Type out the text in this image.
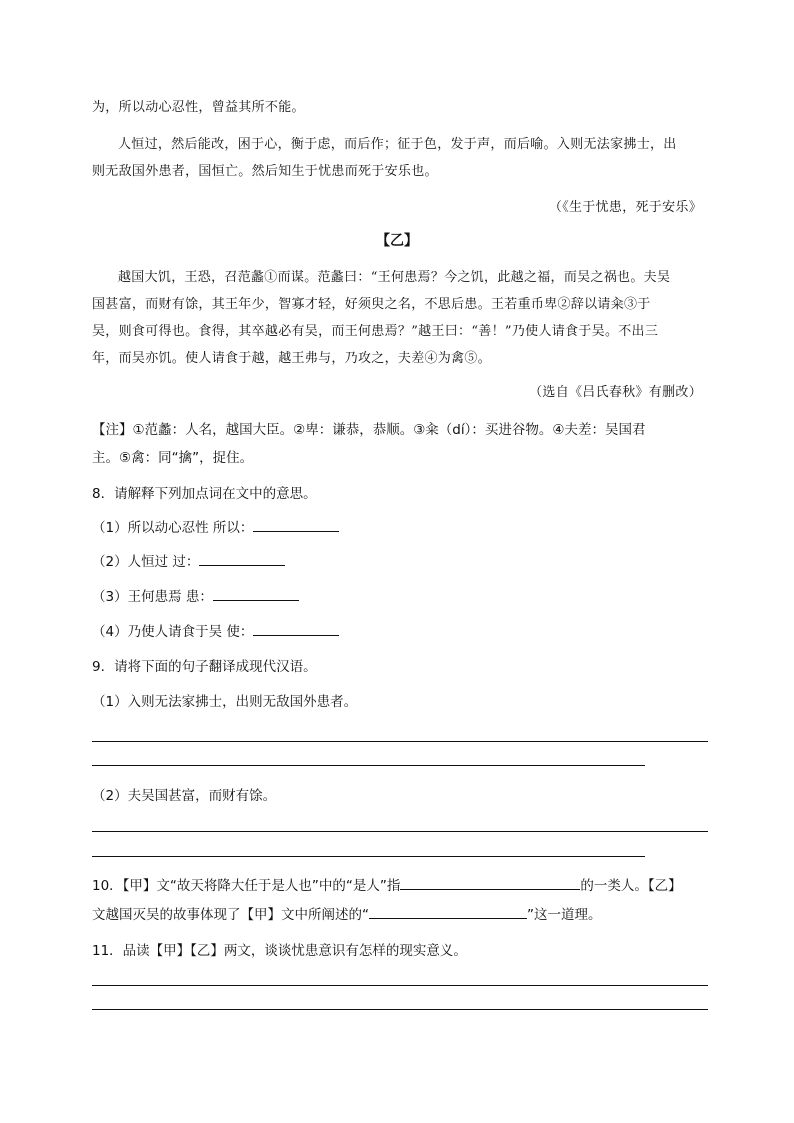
为，所以动心忍性，曾益其所不能。
人恒过，然后能改，困于心，衡于虑，而后作；征于色，发于声，而后喻。入则无法家拂士，出
则无敌国外患者，国恒亡。然后知生于忧患而死于安乐也。
（《生于忧患，死于安乐》
【乙】
越国大饥，王恐，召范蠡①而谋。范蠡曰：“王何患焉？今之饥，此越之福，而吴之祸也。夫吴
国甚富，而财有馀，其王年少，智寡才轻，好须臾之名，不思后患。王若重币卑②辞以请籴③于
吴，则食可得也。食得，其卒越必有吴，而王何患焉？”越王曰：“善！”乃使人请食于吴。不出三
年，而吴亦饥。使人请食于越，越王弗与，乃攻之，夫差④为禽⑤。
（选自《吕氏春秋》有删改）
【注】①范蠡：人名，越国大臣。②卑：谦恭，恭顺。③籴（dí）：买进谷物。④夫差：吴国君
主。⑤禽：同“擒”，捉住。
8．请解释下列加点词在文中的意思。
（1）所以动心忍性 所以：
（2）人恒过 过：
（3）王何患焉 患：
（4）乃使人请食于吴 使：
9．请将下面的句子翻译成现代汉语。
（1）入则无法家拂士，出则无敌国外患者。
（2）夫吴国甚富，而财有馀。
10．【甲】文“故天将降大任于是人也”中的“是人”指	的一类人。【乙】
文越国灭吴的故事体现了【甲】文中所阐述的“	”这一道理。
11．品读【甲】【乙】两文，谈谈忧患意识有怎样的现实意义。
